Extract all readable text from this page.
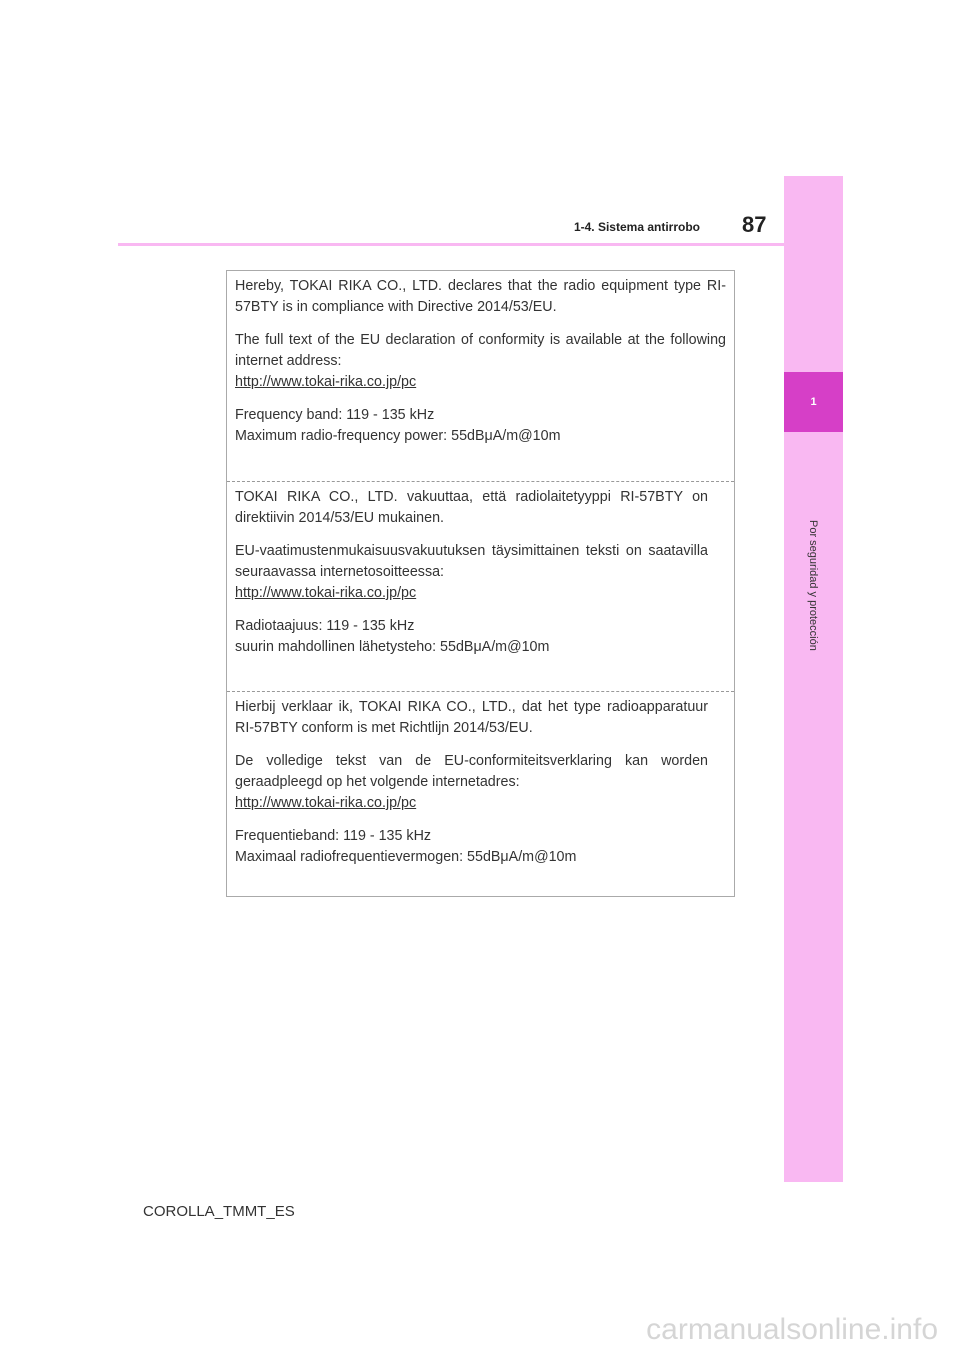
1
Por seguridad y protección
1-4. Sistema antirrobo 87

Hereby, TOKAI RIKA CO., LTD. declares that the radio equipment type RI-57BTY is in compliance with Directive 2014/53/EU.

The full text of the EU declaration of conformity is available at the following internet address:

http://www.tokai-rika.co.jp/pc

Frequency band: 119 - 135 kHz

Maximum radio-frequency power: 55dBμA/m@10m

TOKAI RIKA CO., LTD. vakuuttaa, että radiolaitetyyppi RI-57BTY on direktiivin 2014/53/EU mukainen.

EU-vaatimustenmukaisuusvakuutuksen täysimittainen teksti on saatavilla seuraavassa internetosoitteessa:

http://www.tokai-rika.co.jp/pc

Radiotaajuus: 119 - 135 kHz

suurin mahdollinen lähetysteho: 55dBμA/m@10m

Hierbij verklaar ik, TOKAI RIKA CO., LTD., dat het type radioapparatuur RI-57BTY conform is met Richtlijn 2014/53/EU.

De volledige tekst van de EU-conformiteitsverklaring kan worden geraadpleegd op het volgende internetadres:

http://www.tokai-rika.co.jp/pc

Frequentieband: 119 - 135 kHz

Maximaal radiofrequentievermogen: 55dBμA/m@10m

COROLLA_TMMT_ES
carmanualsonline.info
